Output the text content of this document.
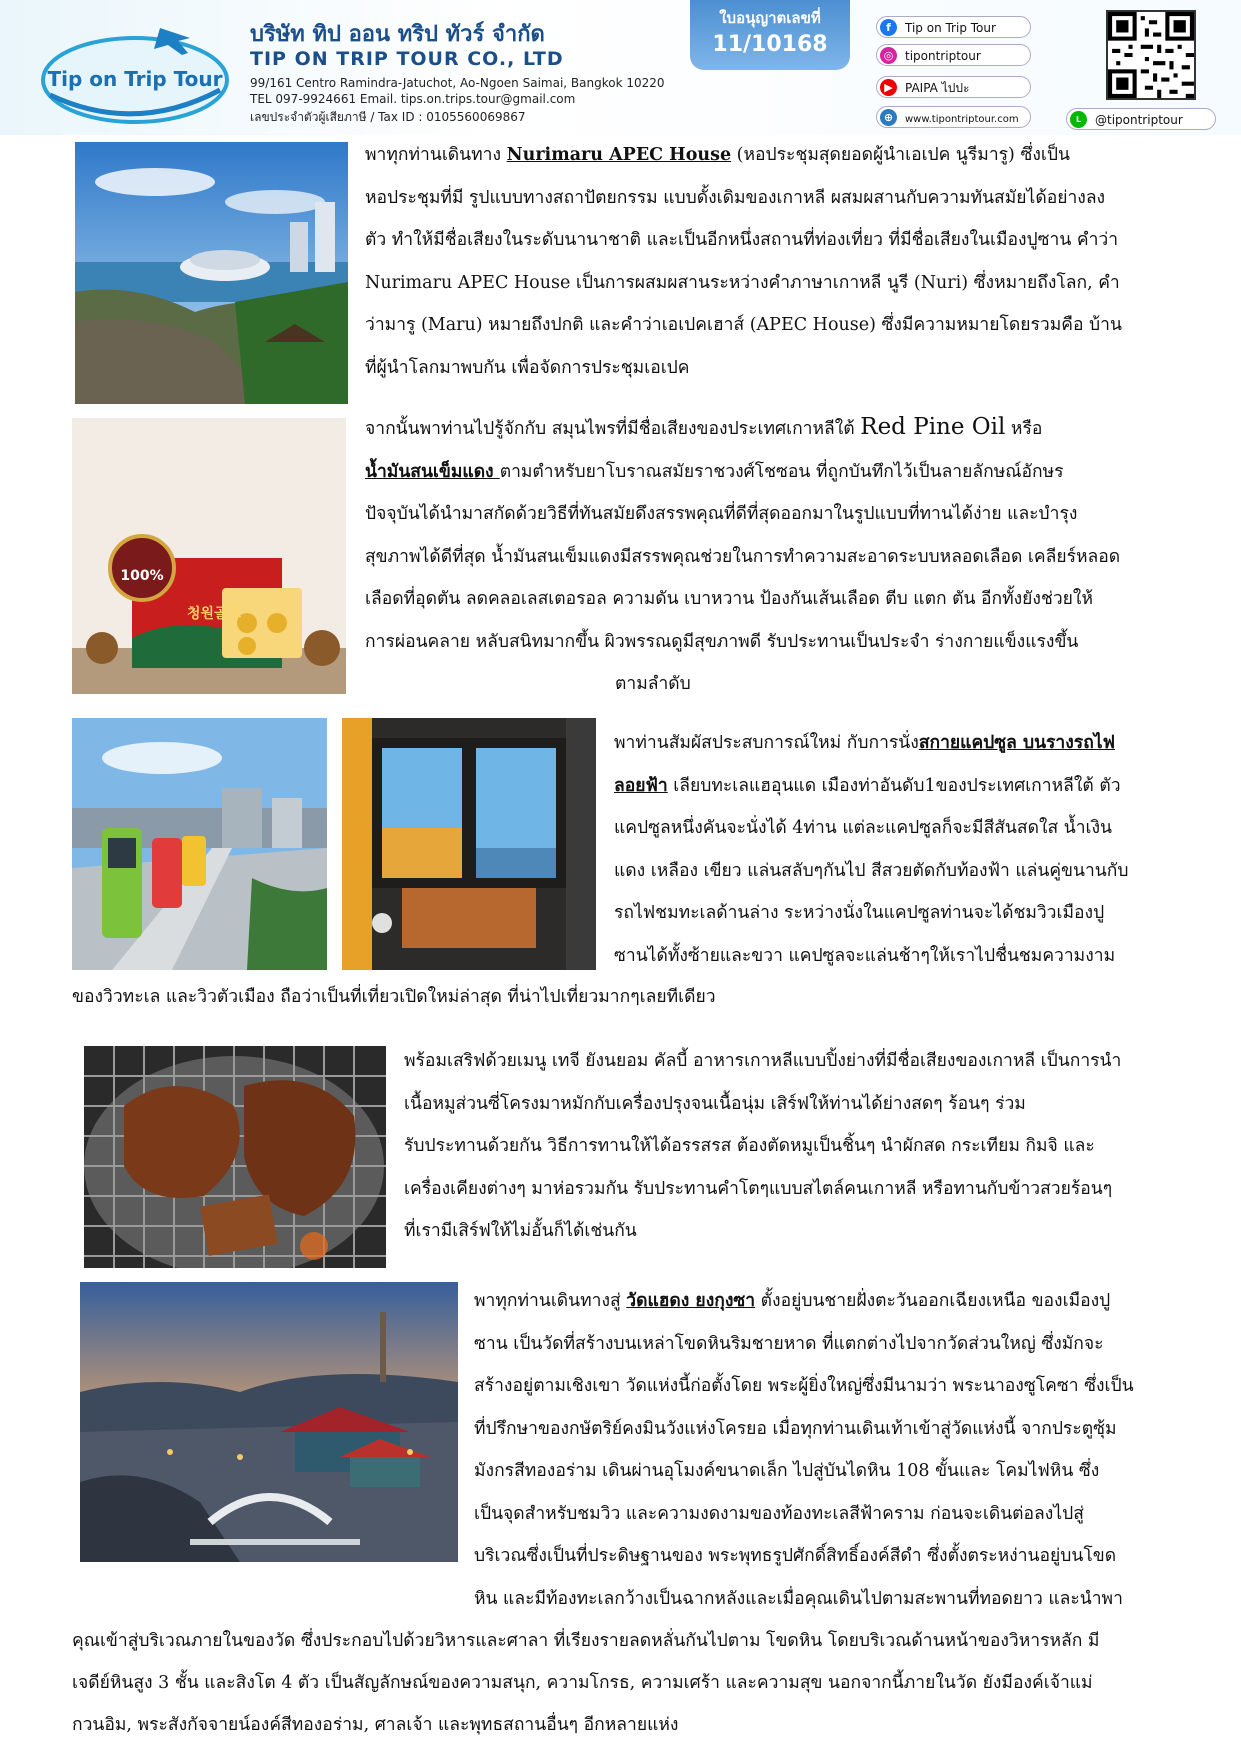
Tip on Trip Tour
บริษัท ทิป ออน ทริป ทัวร์ จำกัด
TIP ON TRIP TOUR CO., LTD
99/161 Centro Ramindra-Jatuchot, Ao-Ngoen Saimai, Bangkok 10220
TEL 097-9924661 Email. tips.on.trips.tour@gmail.com
เลขประจำตัวผู้เสียภาษี / Tax ID : 0105560069867
ใบอนุญาตเลขที่
11/10168
f	Tip on Trip Tour
◎ tipontriptour
▶	PAIPA ไปปะ
⊕	www.tipontriptour.com	L	@tipontriptour

พาทุกท่านเดินทาง Nurimaru APEC House (หอประชุมสุดยอดผู้นำเอเปค นูรีมารู) ซึ่งเป็น

หอประชุมที่มี รูปแบบทางสถาปัตยกรรม แบบดั้งเดิมของเกาหลี ผสมผสานกับความทันสมัยได้อย่างลง

ตัว ทำให้มีชื่อเสียงในระดับนานาชาติ และเป็นอีกหนึ่งสถานที่ท่องเที่ยว ที่มีชื่อเสียงในเมืองปูซาน คำว่า

Nurimaru APEC House เป็นการผสมผสานระหว่างคำภาษาเกาหลี นูรี (Nuri) ซึ่งหมายถึงโลก, คำ

ว่ามารู (Maru) หมายถึงปกติ และคำว่าเอเปคเฮาส์ (APEC House) ซึ่งมีความหมายโดยรวมคือ บ้าน

ที่ผู้นำโลกมาพบกัน เพื่อจัดการประชุมเอเปค

100%
청원골드

จากนั้นพาท่านไปรู้จักกับ สมุนไพรที่มีชื่อเสียงของประเทศเกาหลีใต้ Red Pine Oil หรือ

น้ำมันสนเข็มแดง ตามตำหรับยาโบราณสมัยราชวงศ์โชซอน ที่ถูกบันทึกไว้เป็นลายลักษณ์อักษร

ปัจจุบันได้นำมาสกัดด้วยวิธีที่ทันสมัยดึงสรรพคุณที่ดีที่สุดออกมาในรูปแบบที่ทานได้ง่าย และบำรุง

สุขภาพได้ดีที่สุด น้ำมันสนเข็มแดงมีสรรพคุณช่วยในการทำความสะอาดระบบหลอดเลือด เคลียร์หลอด

เลือดที่อุดตัน ลดคลอเลสเตอรอล ความดัน เบาหวาน ป้องกันเส้นเลือด ตีบ แตก ตัน อีกทั้งยังช่วยให้

การผ่อนคลาย หลับสนิทมากขึ้น ผิวพรรณดูมีสุขภาพดี รับประทานเป็นประจำ ร่างกายแข็งแรงขึ้น

ตามลำดับ

พาท่านสัมผัสประสบการณ์ใหม่ กับการนั่งสกายแคปซูล บนรางรถไฟ

ลอยฟ้า เลียบทะเลแฮอุนแด เมืองท่าอันดับ1ของประเทศเกาหลีใต้ ตัว

แคปซูลหนึ่งคันจะนั่งได้ 4ท่าน แต่ละแคปซูลก็จะมีสีสันสดใส น้ำเงิน

แดง เหลือง เขียว แล่นสลับๆกันไป สีสวยตัดกับท้องฟ้า แล่นคู่ขนานกับ

รถไฟชมทะเลด้านล่าง ระหว่างนั่งในแคปซูลท่านจะได้ชมวิวเมืองปู

ซานได้ทั้งซ้ายและขวา แคปซูลจะแล่นช้าๆให้เราไปชื่นชมความงาม

ของวิวทะเล และวิวตัวเมือง ถือว่าเป็นที่เที่ยวเปิดใหม่ล่าสุด ที่น่าไปเที่ยวมากๆเลยทีเดียว

พร้อมเสริฟด้วยเมนู เทจี ยังนยอม คัลบี้ อาหารเกาหลีแบบปิ้งย่างที่มีชื่อเสียงของเกาหลี เป็นการนำ

เนื้อหมูส่วนซี่โครงมาหมักกับเครื่องปรุงจนเนื้อนุ่ม เสิร์ฟให้ท่านได้ย่างสดๆ ร้อนๆ ร่วม

รับประทานด้วยกัน วิธีการทานให้ได้อรรสรส ต้องตัดหมูเป็นชิ้นๆ นำผักสด กระเทียม กิมจิ และ

เครื่องเคียงต่างๆ มาห่อรวมกัน รับประทานคำโตๆแบบสไตล์คนเกาหลี หรือทานกับข้าวสวยร้อนๆ

ที่เรามีเสิร์ฟให้ไม่อั้นก็ได้เช่นกัน

พาทุกท่านเดินทางสู่ วัดแฮดง ยงกุงซา ตั้งอยู่บนชายฝั่งตะวันออกเฉียงเหนือ ของเมืองปู

ซาน เป็นวัดที่สร้างบนเหล่าโขดหินริมชายหาด ที่แตกต่างไปจากวัดส่วนใหญ่ ซึ่งมักจะ

สร้างอยู่ตามเชิงเขา วัดแห่งนี้ก่อตั้งโดย พระผู้ยิ่งใหญ่ซึ่งมีนามว่า พระนาองซูโคซา ซึ่งเป็น

ที่ปรึกษาของกษัตริย์คงมินวังแห่งโครยอ เมื่อทุกท่านเดินเท้าเข้าสู่วัดแห่งนี้ จากประตูซุ้ม

มังกรสีทองอร่าม เดินผ่านอุโมงค์ขนาดเล็ก ไปสู่บันไดหิน 108 ขั้นและ โคมไฟหิน ซึ่ง

เป็นจุดสำหรับชมวิว และความงดงามของท้องทะเลสีฟ้าคราม ก่อนจะเดินต่อลงไปสู่

บริเวณซึ่งเป็นที่ประดิษฐานของ พระพุทธรูปศักดิ์สิทธิ์องค์สีดำ ซึ่งตั้งตระหง่านอยู่บนโขด

หิน และมีท้องทะเลกว้างเป็นฉากหลังและเมื่อคุณเดินไปตามสะพานที่ทอดยาว และนำพา

คุณเข้าสู่บริเวณภายในของวัด ซึ่งประกอบไปด้วยวิหารและศาลา ที่เรียงรายลดหลั่นกันไปตาม โขดหิน โดยบริเวณด้านหน้าของวิหารหลัก มี

เจดีย์หินสูง 3 ชั้น และสิงโต 4 ตัว เป็นสัญลักษณ์ของความสนุก, ความโกรธ, ความเศร้า และความสุข นอกจากนี้ภายในวัด ยังมีองค์เจ้าแม่

กวนอิม, พระสังกัจจายน์องค์สีทองอร่าม, ศาลเจ้า และพุทธสถานอื่นๆ อีกหลายแห่ง
